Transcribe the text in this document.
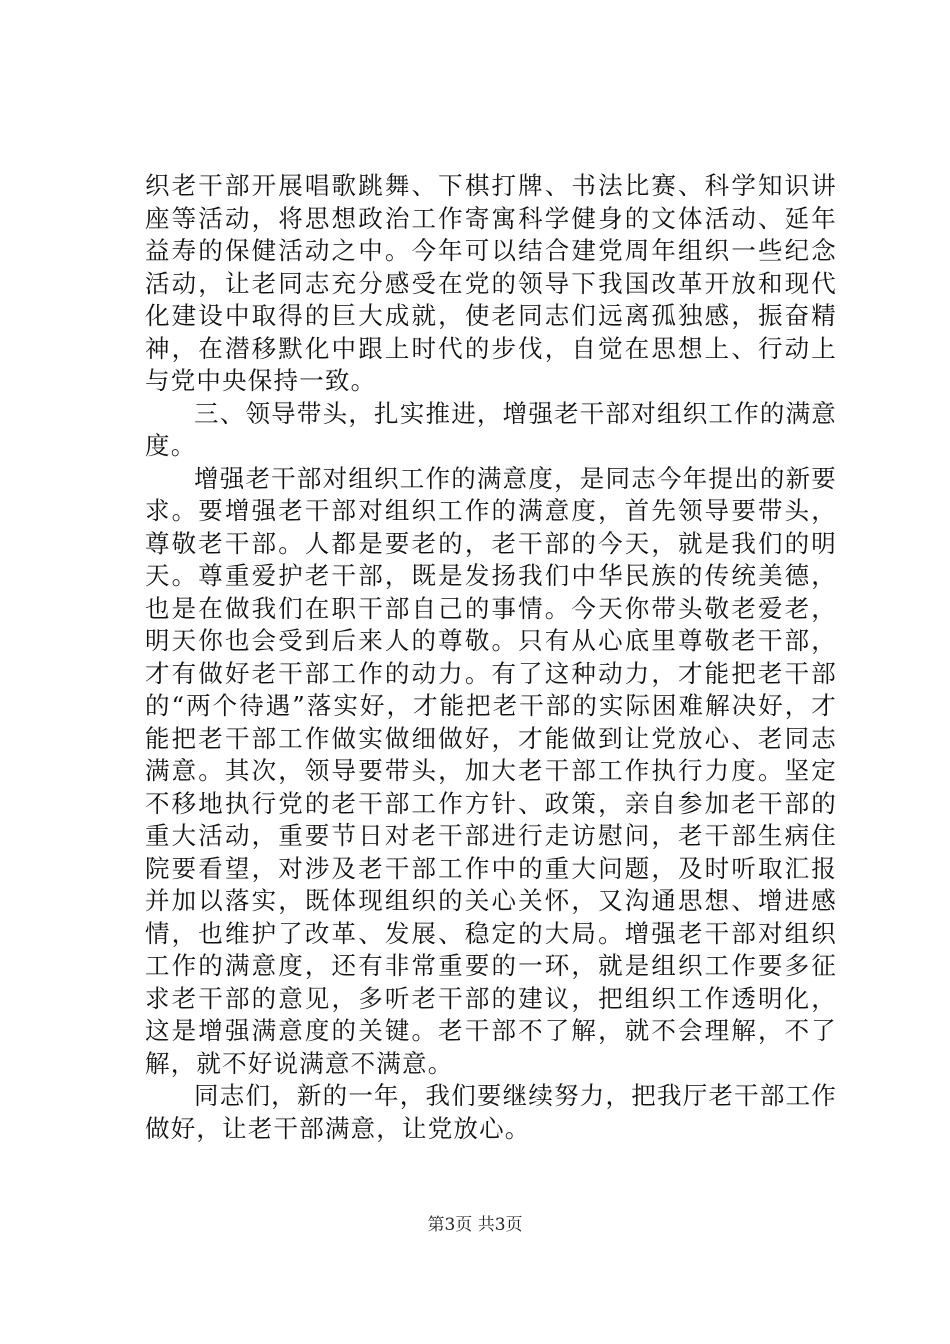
织老干部开展唱歌跳舞、下棋打牌、书法比赛、科学知识讲座等活动，将思想政治工作寄寓科学健身的文体活动、延年益寿的保健活动之中。今年可以结合建党周年组织一些纪念活动，让老同志充分感受在党的领导下我国改革开放和现代化建设中取得的巨大成就，使老同志们远离孤独感，振奋精神，在潜移默化中跟上时代的步伐，自觉在思想上、行动上与党中央保持一致。

三、领导带头，扎实推进，增强老干部对组织工作的满意度。

增强老干部对组织工作的满意度，是同志今年提出的新要求。要增强老干部对组织工作的满意度，首先领导要带头，尊敬老干部。人都是要老的，老干部的今天，就是我们的明天。尊重爱护老干部，既是发扬我们中华民族的传统美德，也是在做我们在职干部自己的事情。今天你带头敬老爱老，明天你也会受到后来人的尊敬。只有从心底里尊敬老干部，才有做好老干部工作的动力。有了这种动力，才能把老干部的“两个待遇”落实好，才能把老干部的实际困难解决好，才能把老干部工作做实做细做好，才能做到让党放心、老同志满意。其次，领导要带头，加大老干部工作执行力度。坚定不移地执行党的老干部工作方针、政策，亲自参加老干部的重大活动，重要节日对老干部进行走访慰问，老干部生病住院要看望，对涉及老干部工作中的重大问题，及时听取汇报并加以落实，既体现组织的关心关怀，又沟通思想、增进感情，也维护了改革、发展、稳定的大局。增强老干部对组织工作的满意度，还有非常重要的一环，就是组织工作要多征求老干部的意见，多听老干部的建议，把组织工作透明化，这是增强满意度的关键。老干部不了解，就不会理解，不了解，就不好说满意不满意。

同志们，新的一年，我们要继续努力，把我厅老干部工作做好，让老干部满意，让党放心。

第3页 共3页
